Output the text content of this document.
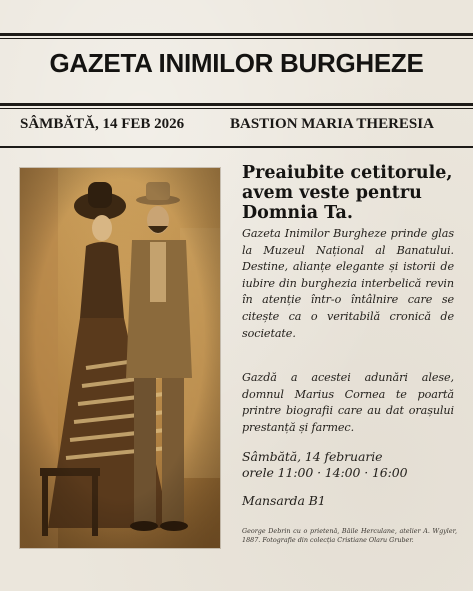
GAZETA INIMILOR BURGHEZE
SÂMBĂTĂ, 14 FEB 2026	BASTION MARIA THERESIA
Preaiubite cetitorule, avem veste pentru Domnia Ta.
Gazeta Inimilor Burgheze prinde glas la Muzeul Național al Banatului. Destine, alianțe elegante și istorii de iubire din burghezia interbelică revin în atenție într-o întâlnire care se citește ca o veritabilă cronică de societate.
Gazdă a acestei adunări alese, domnul Marius Cornea te poartă printre biografii care au dat orașului prestanță și farmec.
Sâmbătă, 14 februarie
orele 11:00 · 14:00 · 16:00
Mansarda B1
George Debrin cu o prietenă, Băile Herculane, atelier A. Wgyler, 1887. Fotografie din colecția Cristiane Olaru Gruber.
